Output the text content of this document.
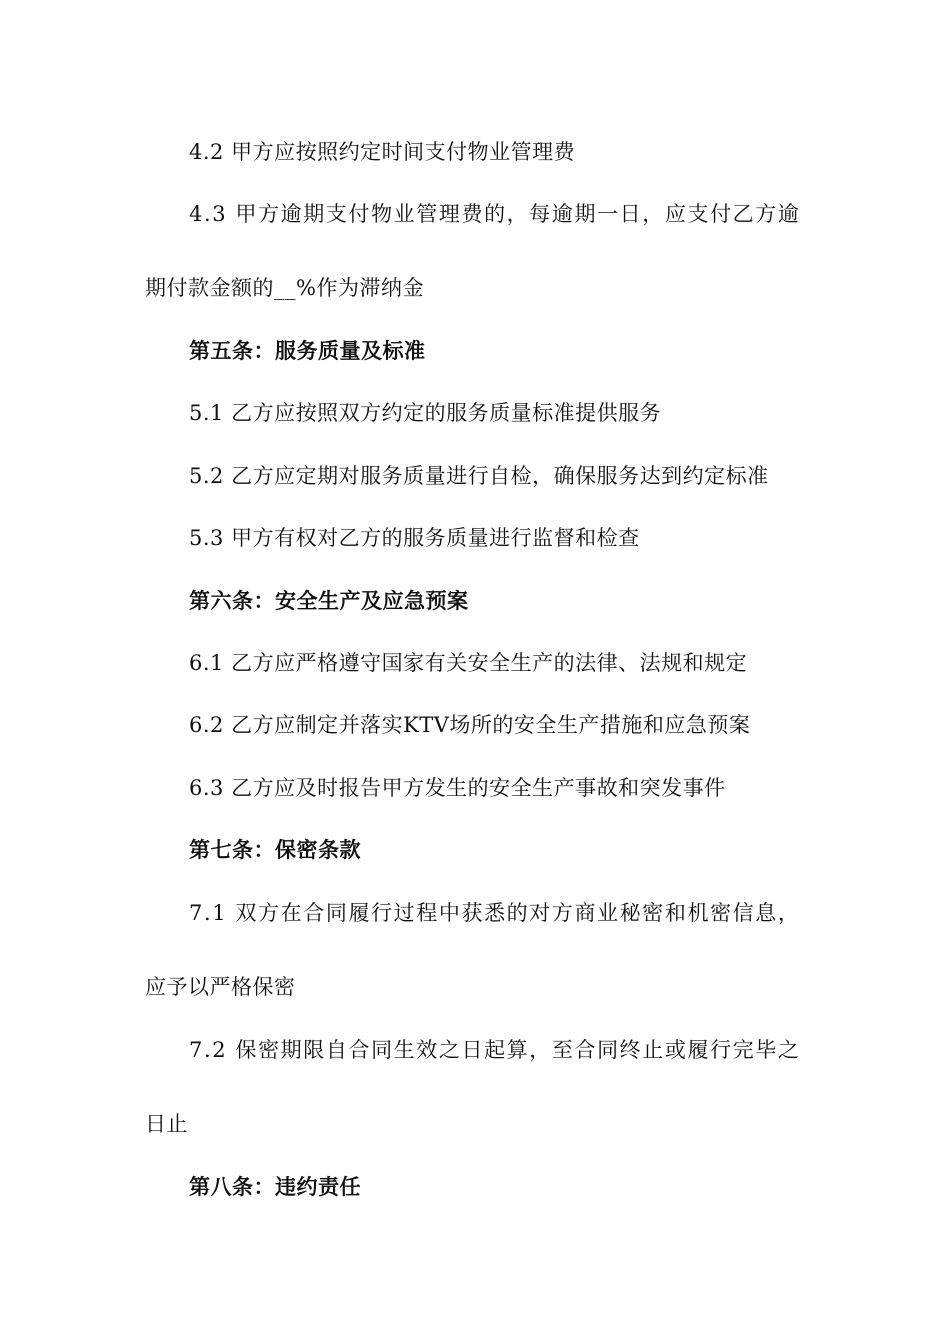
4.2 甲方应按照约定时间支付物业管理费
4.3 甲方逾期支付物业管理费的，每逾期一日，应支付乙方逾
期付款金额的__%作为滞纳金
第五条：服务质量及标准
5.1 乙方应按照双方约定的服务质量标准提供服务
5.2 乙方应定期对服务质量进行自检，确保服务达到约定标准
5.3 甲方有权对乙方的服务质量进行监督和检查
第六条：安全生产及应急预案
6.1 乙方应严格遵守国家有关安全生产的法律、法规和规定
6.2 乙方应制定并落实KTV场所的安全生产措施和应急预案
6.3 乙方应及时报告甲方发生的安全生产事故和突发事件
第七条：保密条款
7.1 双方在合同履行过程中获悉的对方商业秘密和机密信息，
应予以严格保密
7.2 保密期限自合同生效之日起算，至合同终止或履行完毕之
日止
第八条：违约责任
